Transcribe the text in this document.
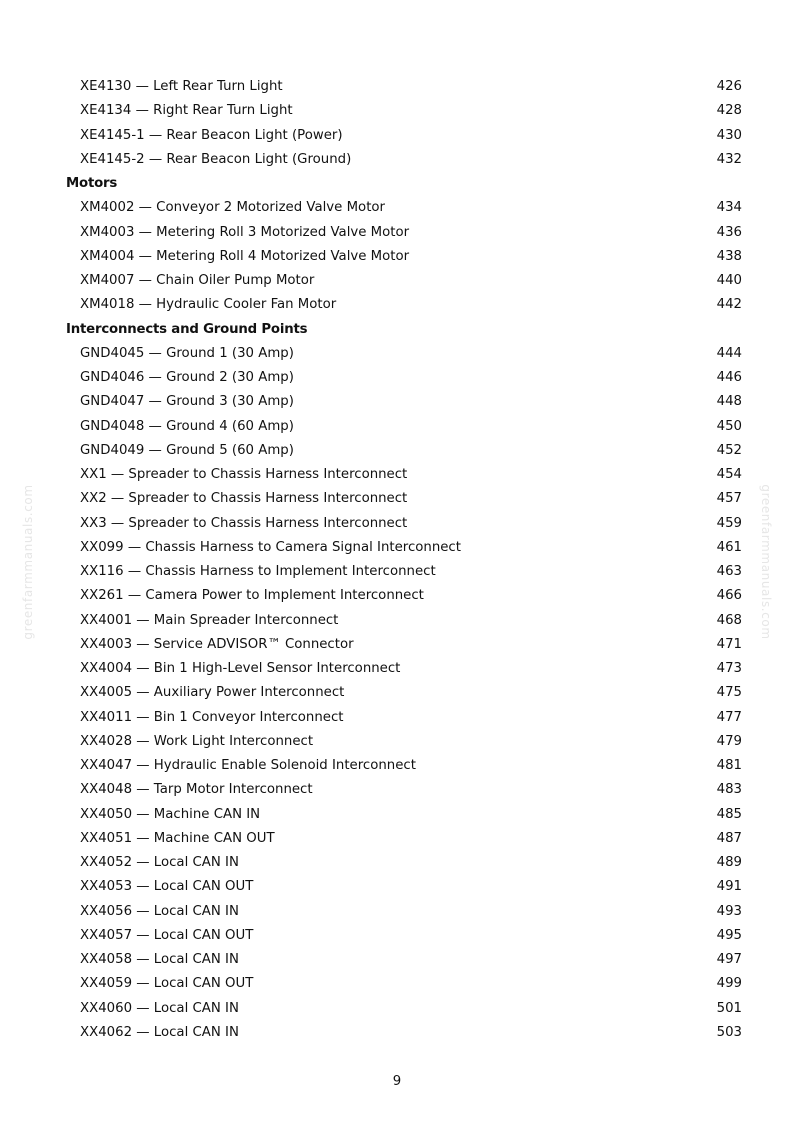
XE4130 — Left Rear Turn Light	426
XE4134 — Right Rear Turn Light	428
XE4145-1 — Rear Beacon Light (Power)	430
XE4145-2 — Rear Beacon Light (Ground)	432
Motors
XM4002 — Conveyor 2 Motorized Valve Motor	434
XM4003 — Metering Roll 3 Motorized Valve Motor	436
XM4004 — Metering Roll 4 Motorized Valve Motor	438
XM4007 — Chain Oiler Pump Motor	440
XM4018 — Hydraulic Cooler Fan Motor	442
Interconnects and Ground Points
GND4045 — Ground 1 (30 Amp)	444
GND4046 — Ground 2 (30 Amp)	446
GND4047 — Ground 3 (30 Amp)	448
GND4048 — Ground 4 (60 Amp)	450
GND4049 — Ground 5 (60 Amp)	452
XX1 — Spreader to Chassis Harness Interconnect	454
XX2 — Spreader to Chassis Harness Interconnect	457
XX3 — Spreader to Chassis Harness Interconnect	459
XX099 — Chassis Harness to Camera Signal Interconnect	461
XX116 — Chassis Harness to Implement Interconnect	463
XX261 — Camera Power to Implement Interconnect	466
XX4001 — Main Spreader Interconnect	468
XX4003 — Service ADVISOR™ Connector	471
XX4004 — Bin 1 High-Level Sensor Interconnect	473
XX4005 — Auxiliary Power Interconnect	475
XX4011 — Bin 1 Conveyor Interconnect	477
XX4028 — Work Light Interconnect	479
XX4047 — Hydraulic Enable Solenoid Interconnect	481
XX4048 — Tarp Motor Interconnect	483
XX4050 — Machine CAN IN	485
XX4051 — Machine CAN OUT	487
XX4052 — Local CAN IN	489
XX4053 — Local CAN OUT	491
XX4056 — Local CAN IN	493
XX4057 — Local CAN OUT	495
XX4058 — Local CAN IN	497
XX4059 — Local CAN OUT	499
XX4060 — Local CAN IN	501
XX4062 — Local CAN IN	503
9
greenfarmmanuals.com	greenfarmmanuals.com
